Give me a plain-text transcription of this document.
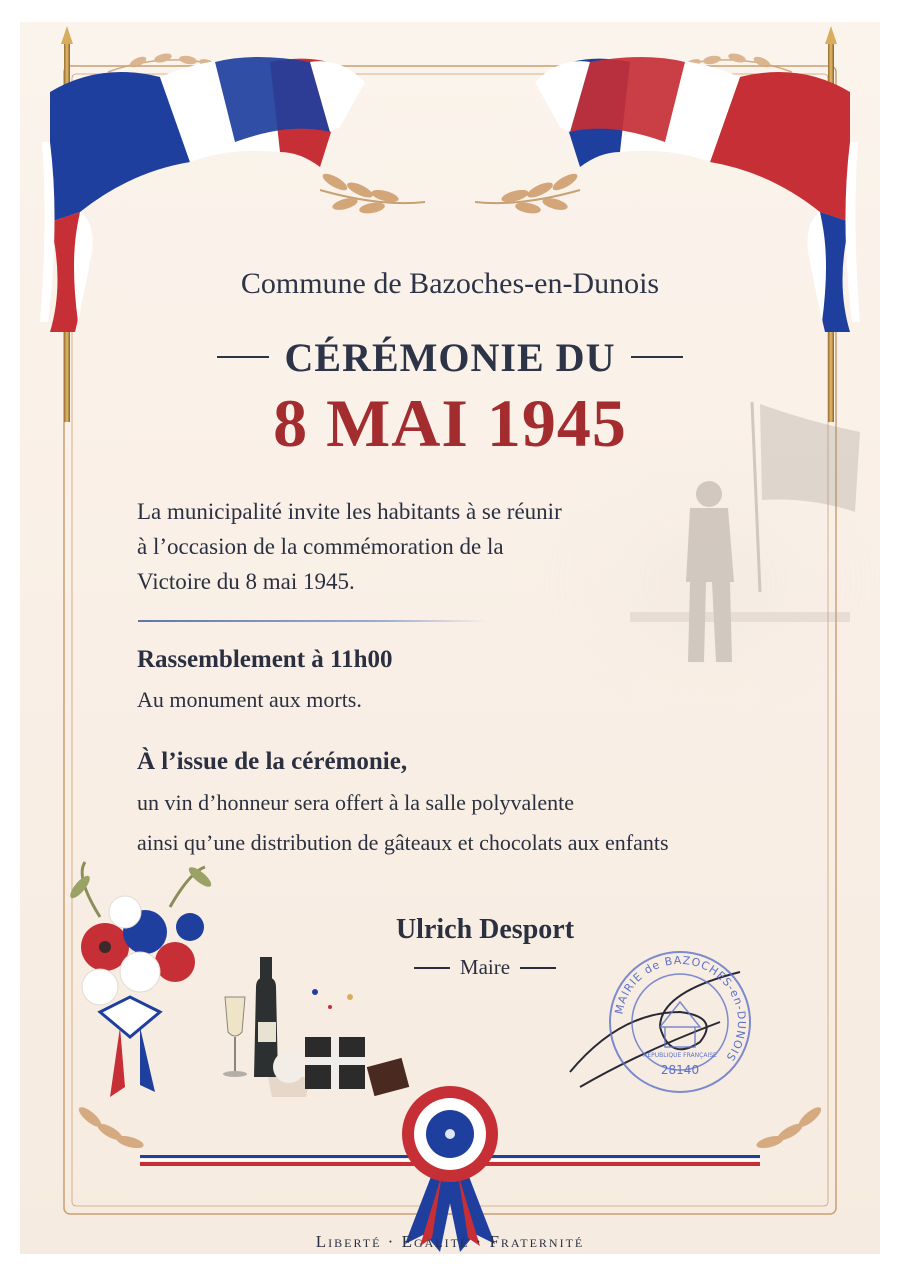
Commune de Bazoches-en-Dunois
CÉRÉMONIE DU
8 MAI 1945
La municipalité invite les habitants à se réunir
à l’occasion de la commémoration de la
Victoire du 8 mai 1945.
Rassemblement à 11h00
Au monument aux morts.
À l’issue de la cérémonie,
un vin d’honneur sera offert à la salle polyvalente
ainsi qu’une distribution de gâteaux et chocolats aux enfants
Ulrich Desport
Maire
MAIRIE de BAZOCHES-en-DUNOIS
RÉPUBLIQUE FRANÇAISE
28140
Liberté · Egalité · Fraternité
